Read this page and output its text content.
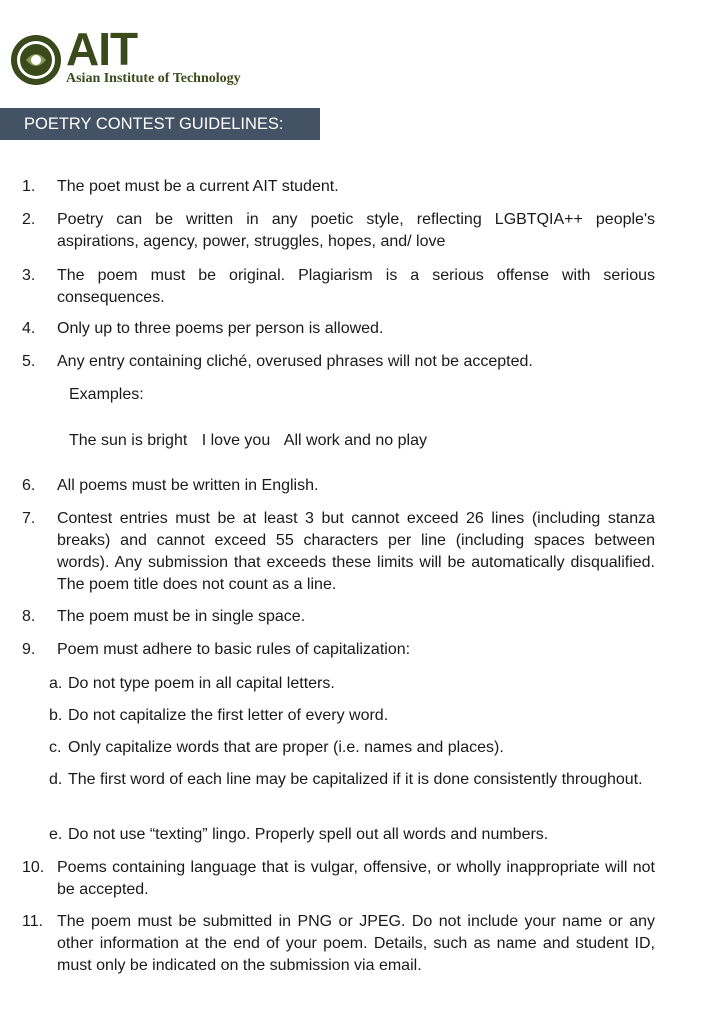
AIT
Asian Institute of Technology
POETRY CONTEST GUIDELINES:
1. The poet must be a current AIT student.
2. Poetry can be written in any poetic style, reflecting LGBTQIA++ people's aspirations, agency, power, struggles, hopes, and/ love
3. The poem must be original. Plagiarism is a serious offense with serious consequences.
4. Only up to three poems per person is allowed.
5. Any entry containing cliché, overused phrases will not be accepted.
Examples:
The sun is bright I love you All work and no play
6. All poems must be written in English.
7. Contest entries must be at least 3 but cannot exceed 26 lines (including stanza breaks) and cannot exceed 55 characters per line (including spaces between words). Any submission that exceeds these limits will be automatically disqualified. The poem title does not count as a line.
8. The poem must be in single space.
9. Poem must adhere to basic rules of capitalization:
a. Do not type poem in all capital letters.
b. Do not capitalize the first letter of every word.
c. Only capitalize words that are proper (i.e. names and places).
d. The first word of each line may be capitalized if it is done consistently throughout.
e. Do not use “texting” lingo. Properly spell out all words and numbers.
10. Poems containing language that is vulgar, offensive, or wholly inappropriate will not be accepted.
11. The poem must be submitted in PNG or JPEG. Do not include your name or any other information at the end of your poem. Details, such as name and student ID, must only be indicated on the submission via email.
